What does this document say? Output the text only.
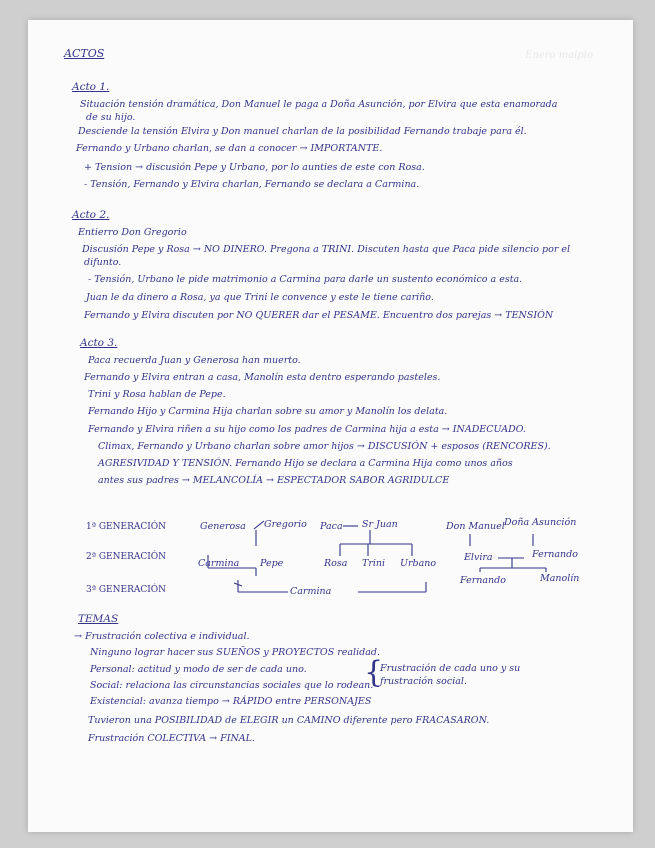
Enero maipio
ACTOS
Acto 1.
Situación tensión dramática, Don Manuel le paga a Doña Asunción, por Elvira que esta enamorada
de su hijo.
Desciende la tensión Elvira y Don manuel charlan de la posibilidad Fernando trabaje para él.
Fernando y Urbano charlan, se dan a conocer → IMPORTANTE.
+ Tension → discusión Pepe y Urbano, por lo aunties de este con Rosa.
- Tensión, Fernando y Elvira charlan, Fernando se declara a Carmina.
Acto 2.
Entierro Don Gregorio
Discusión Pepe y Rosa → NO DINERO. Pregona a TRINI. Discuten hasta que Paca pide silencio por el
difunto.
- Tensión, Urbano le pide matrimonio a Carmina para darle un sustento económico a esta.
Juan le da dinero a Rosa, ya que Trini le convence y este le tiene cariño.
Fernando y Elvira discuten por NO QUERER dar el PESAME. Encuentro dos parejas → TENSIÓN
Acto 3.
Paca recuerda Juan y Generosa han muerto.
Fernando y Elvira entran a casa, Manolín esta dentro esperando pasteles.
Trini y Rosa hablan de Pepe.
Fernando Hijo y Carmina Hija charlan sobre su amor y Manolín los delata.
Fernando y Elvira riñen a su hijo como los padres de Carmina hija a esta → INADECUADO.
Climax, Fernando y Urbano charlan sobre amor hijos → DISCUSIÓN + esposos (RENCORES).
AGRESIVIDAD Y TENSIÓN. Fernando Hijo se declara a Carmina Hija como unos años
antes sus padres → MELANCOLÍA → ESPECTADOR SABOR AGRIDULCE
1ª GENERACIÓN
2ª GENERACIÓN
3ª GENERACIÓN
Generosa Gregorio Paca Sr Juan	Don Manuel Doña Asunción
Carmina Pepe	Rosa Trini Urbano
Elvira	Fernando
Carmina
Fernando	Manolín
TEMAS
→ Frustración colectiva e individual.
Ninguno lograr hacer sus SUEÑOS y PROYECTOS realidad.
Personal: actitud y modo de ser de cada uno.
Social: relaciona las circunstancias sociales que lo rodean.
Existencial: avanza tiempo → RÁPIDO entre PERSONAJES
Tuvieron una POSIBILIDAD de ELEGIR un CAMINO diferente pero FRACASARON.
Frustración COLECTIVA → FINAL.
{
Frustración de cada uno y su
frustración social.
